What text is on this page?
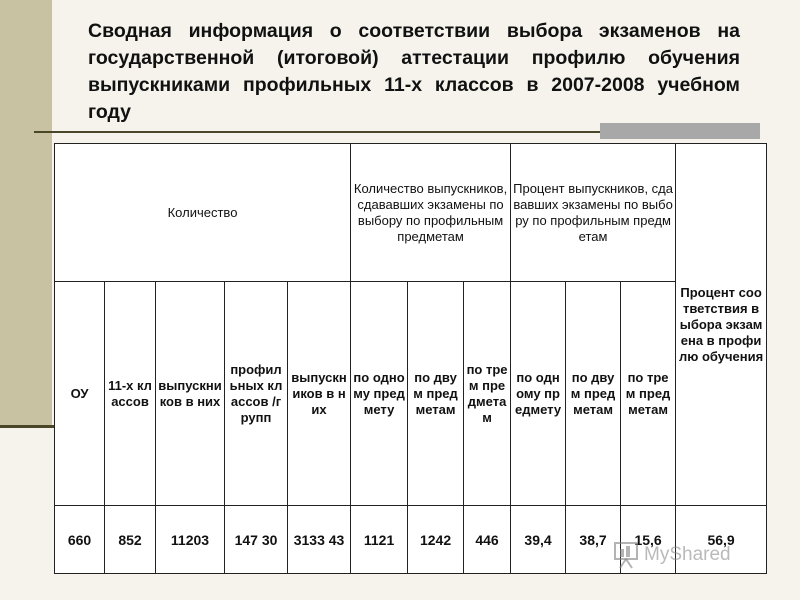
Сводная информация о соответствии выбора экзаменов на государственной (итоговой) аттестации профилю обучения выпускниками профильных 11-х классов в 2007-2008 учебном году
Количество					Количество выпускников, сдававших экзамены по выбору по профильным предметам			Процент выпускников, сдававших экзамены по выбору по профильным предметам			Процент соответствия выбора экзамена в профилю обучения
ОУ	11-х классов	выпускников в них	профильных классов /групп	выпускников в них	по одному предмету	по двум предметам	по трем предметам	по одному предмету	по двум предметам	по трем предметам	
660	852	11203	147 30	3133 43	1121	1242	446	39,4	38,7	15,6	56,9
MyShared
